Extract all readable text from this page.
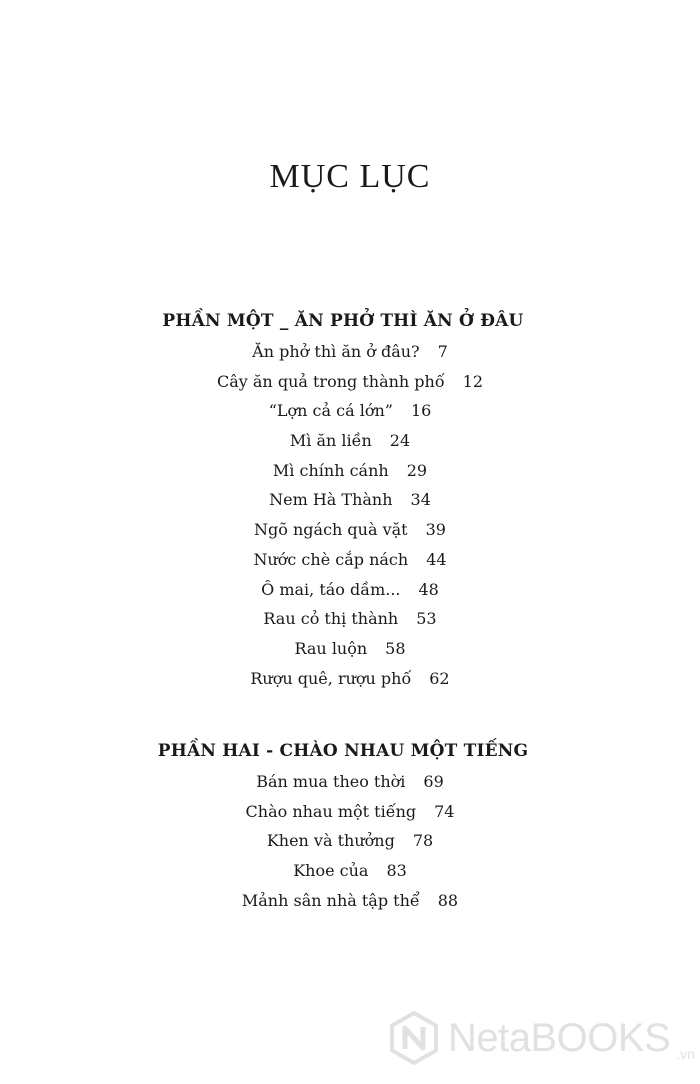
MỤC LỤC
PHẦN MỘT _ ĂN PHỞ THÌ ĂN Ở ĐÂU
Ăn phở thì ăn ở đâu? 7
Cây ăn quả trong thành phố 12
“Lợn cả cá lớn” 16
Mì ăn liền 24
Mì chính cánh 29
Nem Hà Thành 34
Ngõ ngách quà vặt 39
Nước chè cắp nách 44
Ô mai, táo dầm... 48
Rau cỏ thị thành 53
Rau luộn 58
Rượu quê, rượu phố 62
PHẦN HAI - CHÀO NHAU MỘT TIẾNG
Bán mua theo thời 69
Chào nhau một tiếng 74
Khen và thưởng 78
Khoe của 83
Mảnh sân nhà tập thể 88
NetaBOOKS .vn
